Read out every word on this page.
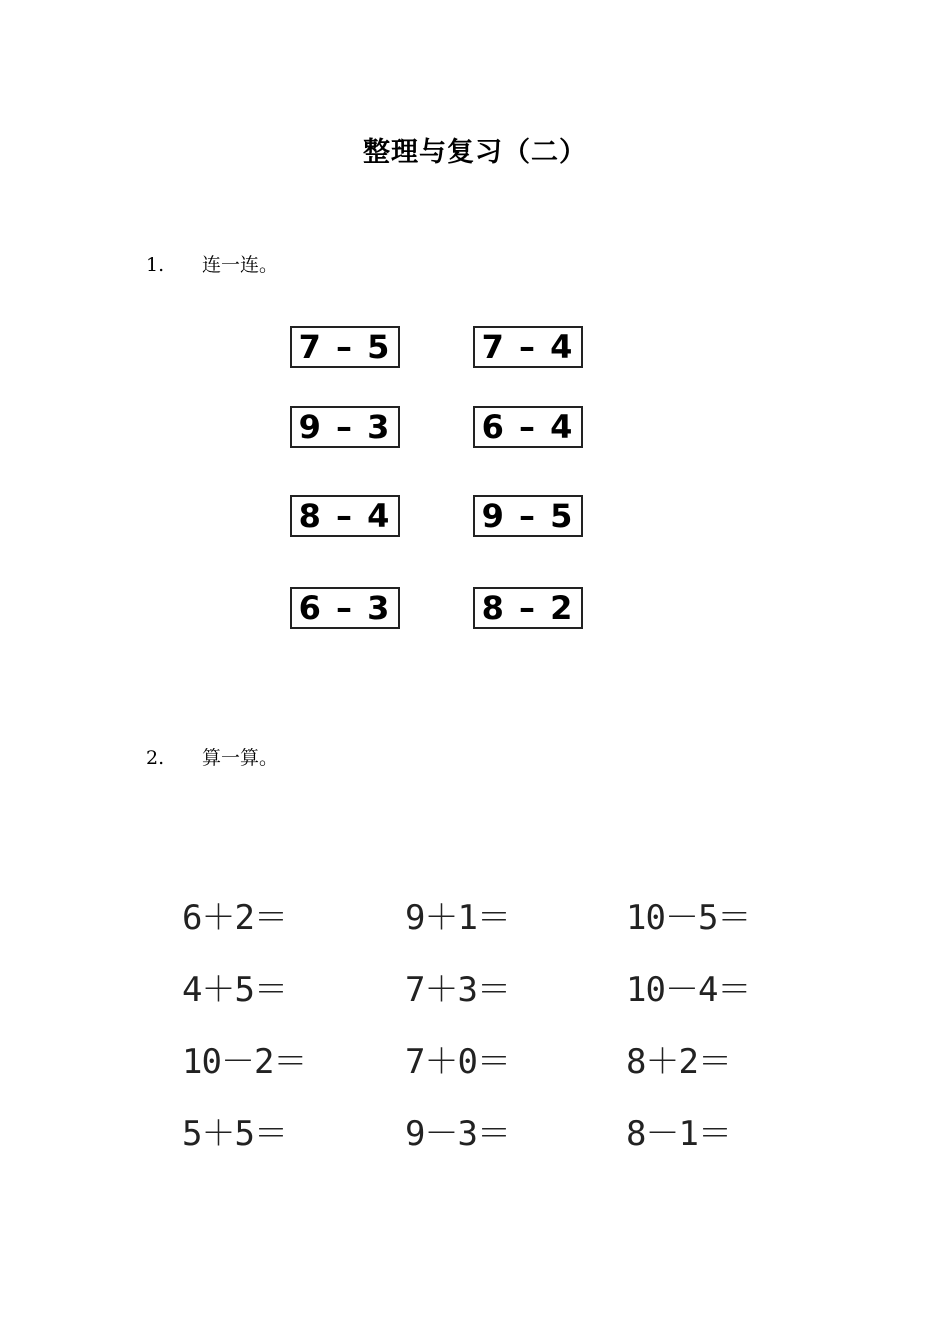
整理与复习（二）
1. 连一连。
7 – 5
9 – 3
8 – 4
6 – 3
7 – 4
6 – 4
9 – 5
8 – 2
2. 算一算。
6＋2＝	9＋1＝	10－5＝
4＋5＝	7＋3＝	10－4＝
10－2＝	7＋0＝	8＋2＝
5＋5＝	9－3＝	8－1＝
